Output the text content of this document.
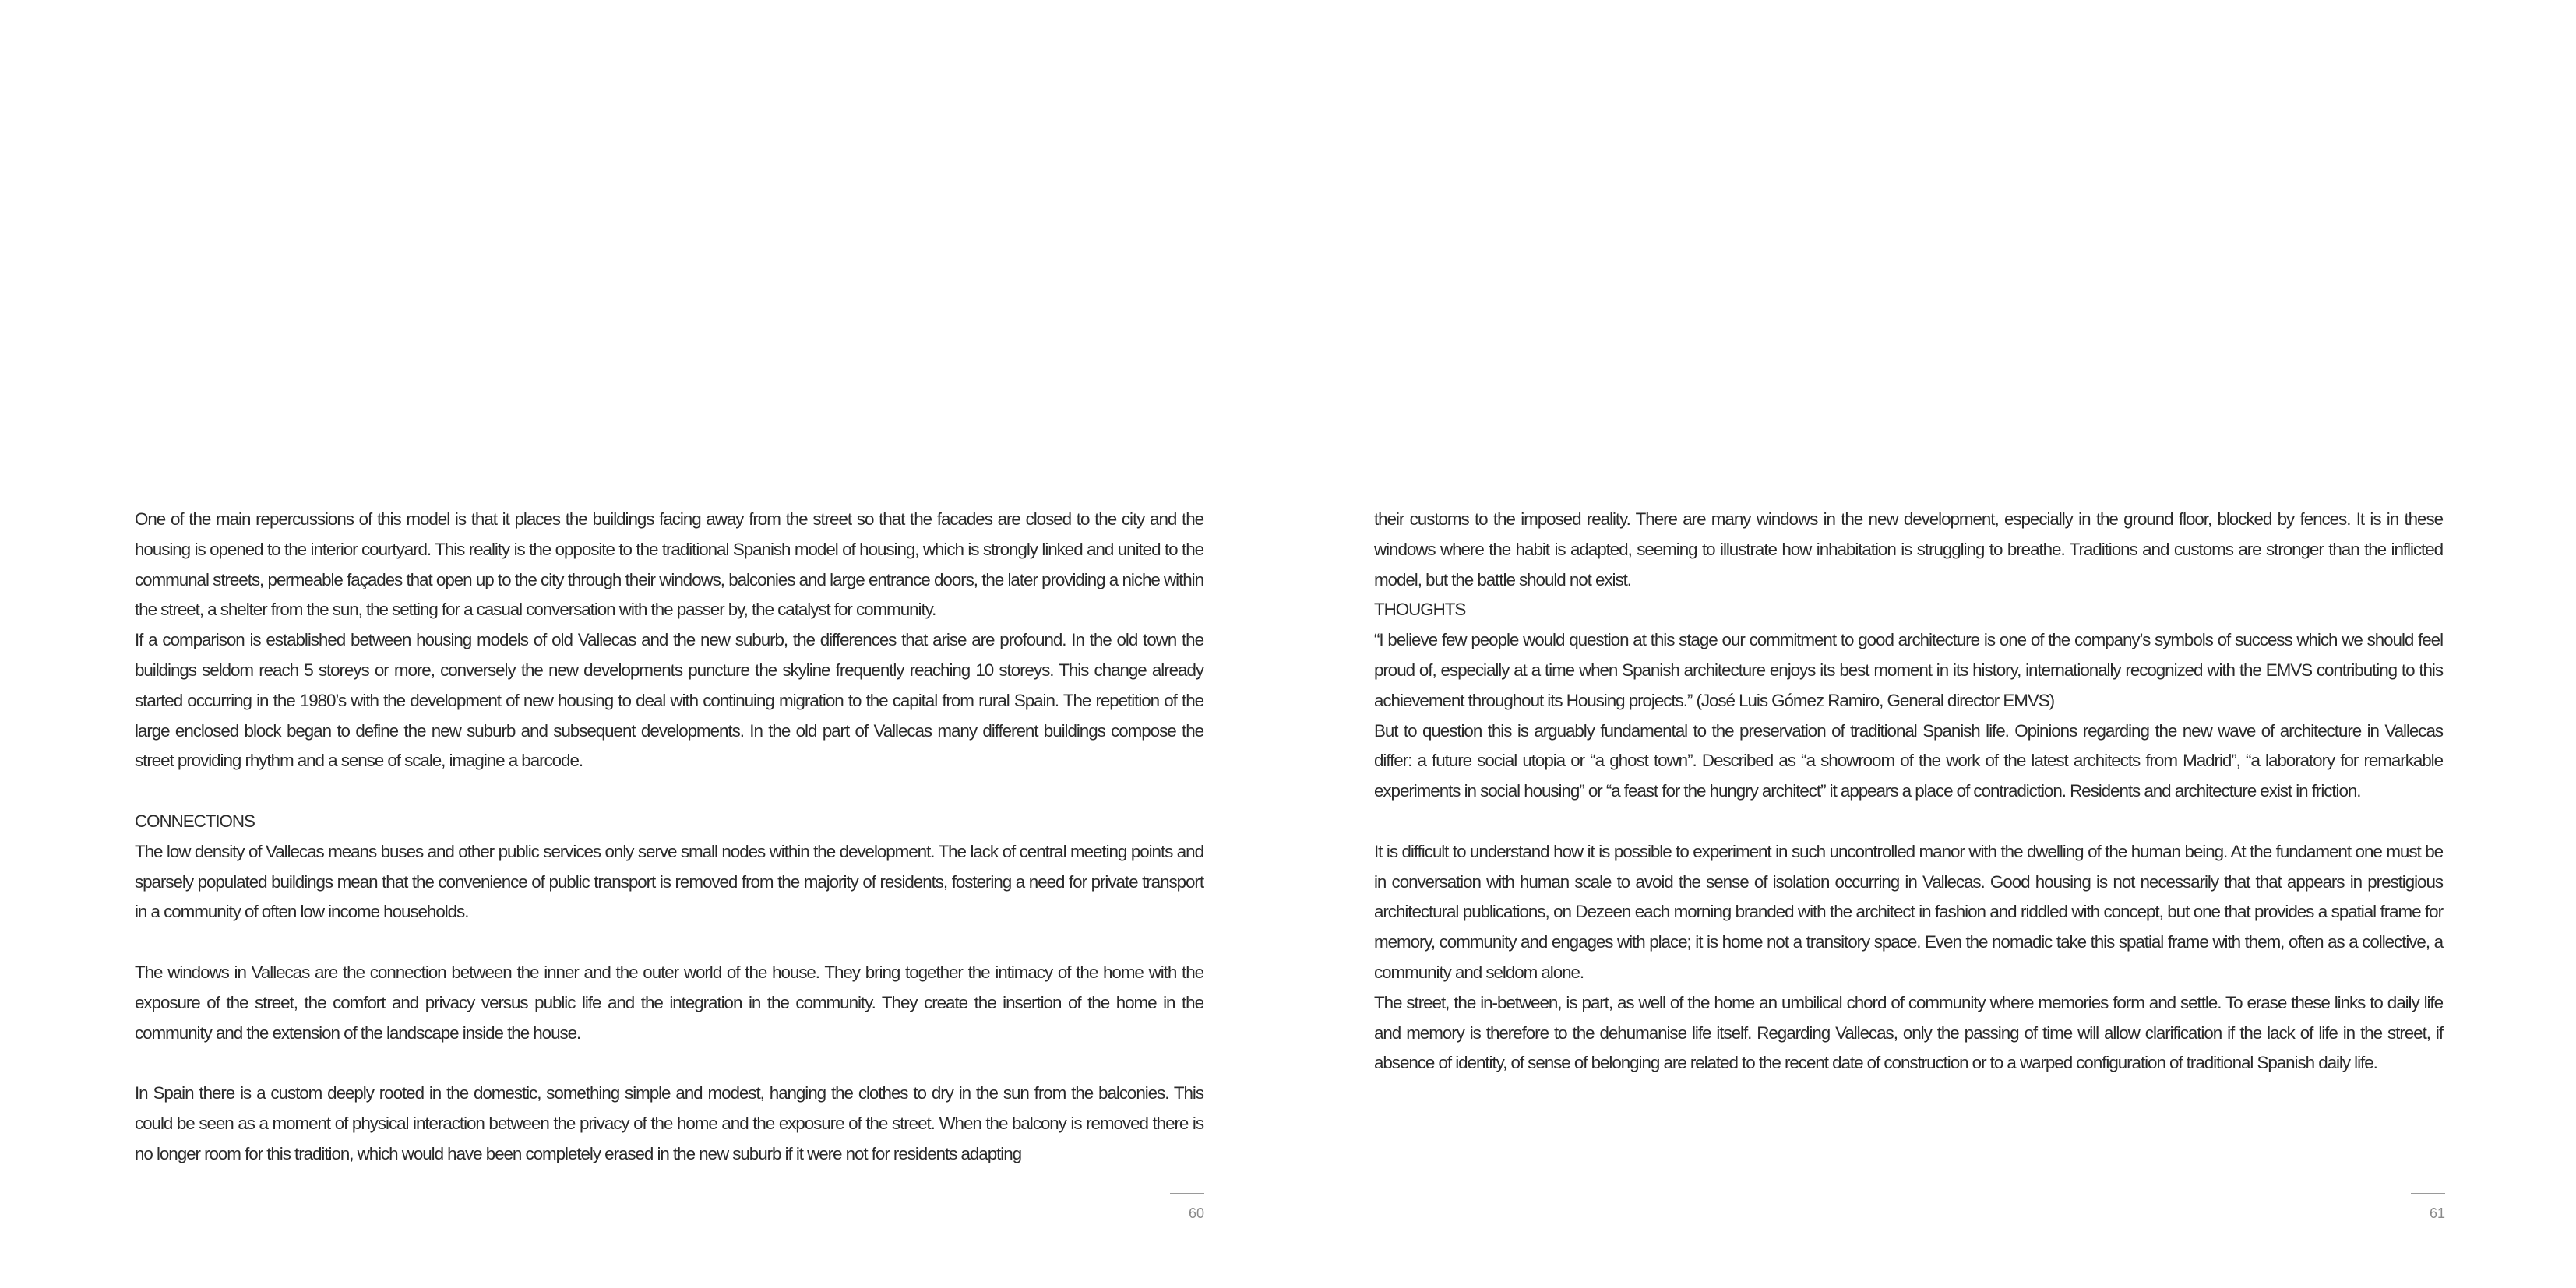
One of the main repercussions of this model is that it places the buildings facing away from the street so that the facades are closed to the city and the housing is opened to the interior courtyard. This reality is the opposite to the traditional Spanish model of housing, which is strongly linked and united to the communal streets, permeable façades that open up to the city through their windows, balconies and large entrance doors, the later providing a niche within the street, a shelter from the sun, the setting for a casual conversation with the passer by, the catalyst for community.

If a comparison is established between housing models of old Vallecas and the new suburb, the differences that arise are profound. In the old town the buildings seldom reach 5 storeys or more, conversely the new developments puncture the skyline frequently reaching 10 storeys. This change already started occurring in the 1980’s with the development of new housing to deal with continuing migration to the capital from rural Spain. The repetition of the large enclosed block began to define the new suburb and subsequent developments. In the old part of Vallecas many different buildings compose the street providing rhythm and a sense of scale, imagine a barcode.

CONNECTIONS

The low density of Vallecas means buses and other public services only serve small nodes within the development. The lack of central meeting points and sparsely populated buildings mean that the convenience of public transport is removed from the majority of residents, fostering a need for private transport in a community of often low income households.

The windows in Vallecas are the connection between the inner and the outer world of the house. They bring together the intimacy of the home with the exposure of the street, the comfort and privacy versus public life and the integration in the community. They create the insertion of the home in the community and the extension of the landscape inside the house.

In Spain there is a custom deeply rooted in the domestic, something simple and modest, hanging the clothes to dry in the sun from the balconies. This could be seen as a moment of physical interaction between the privacy of the home and the exposure of the street. When the balcony is removed there is no longer room for this tradition, which would have been completely erased in the new suburb if it were not for residents adapting

60

their customs to the imposed reality. There are many windows in the new development, especially in the ground floor, blocked by fences. It is in these windows where the habit is adapted, seeming to illustrate how inhabitation is struggling to breathe. Traditions and customs are stronger than the inflicted model, but the battle should not exist.

THOUGHTS

“I believe few people would question at this stage our commitment to good architecture is one of the company’s symbols of success which we should feel proud of, especially at a time when Spanish architecture enjoys its best moment in its history, internationally recognized with the EMVS contributing to this achievement throughout its Housing projects.” (José Luis Gómez Ramiro, General director EMVS)

But to question this is arguably fundamental to the preservation of traditional Spanish life. Opinions regarding the new wave of architecture in Vallecas differ: a future social utopia or “a ghost town”. Described as “a showroom of the work of the latest architects from Madrid”, “a laboratory for remarkable experiments in social housing” or “a feast for the hungry architect” it appears a place of contradiction. Residents and architecture exist in friction.

It is difficult to understand how it is possible to experiment in such uncontrolled manor with the dwelling of the human being. At the fundament one must be in conversation with human scale to avoid the sense of isolation occurring in Vallecas. Good housing is not necessarily that that appears in prestigious architectural publications, on Dezeen each morning branded with the architect in fashion and riddled with concept, but one that provides a spatial frame for memory, community and engages with place; it is home not a transitory space. Even the nomadic take this spatial frame with them, often as a collective, a community and seldom alone.

The street, the in-between, is part, as well of the home an umbilical chord of community where memories form and settle. To erase these links to daily life and memory is therefore to the dehumanise life itself. Regarding Vallecas, only the passing of time will allow clarification if the lack of life in the street, if absence of identity, of sense of belonging are related to the recent date of construction or to a warped configuration of traditional Spanish daily life.

61
